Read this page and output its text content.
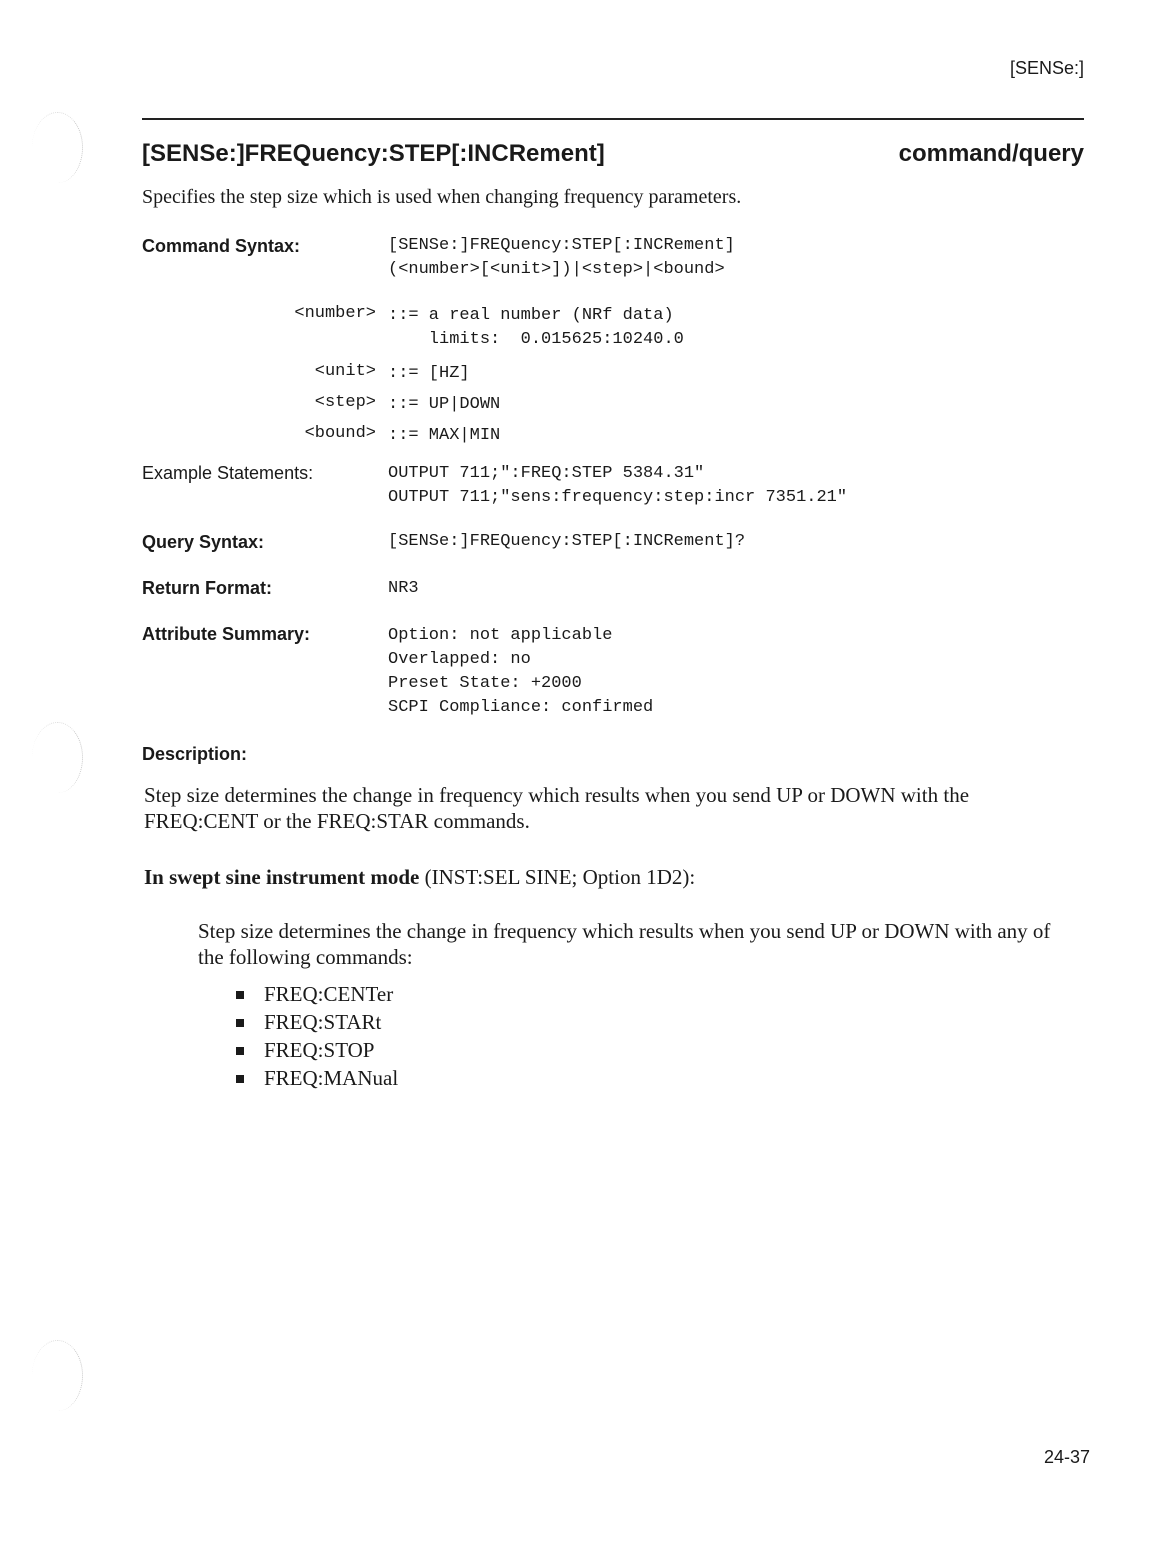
[SENSe:]
[SENSe:]FREQuency:STEP[:INCRement]	command/query
Specifies the step size which is used when changing frequency parameters.
Command Syntax:	[SENSe:]FREQuency:STEP[:INCRement]
(<number>[<unit>])|<step>|<bound>
<number> ::= a real number (NRf data)
limits:  0.015625:10240.0
<unit> ::= [HZ]
<step> ::= UP|DOWN
<bound> ::= MAX|MIN
Example Statements:	OUTPUT 711;":FREQ:STEP 5384.31"
OUTPUT 711;"sens:frequency:step:incr 7351.21"
Query Syntax:	[SENSe:]FREQuency:STEP[:INCRement]?
Return Format:	NR3
Attribute Summary:	Option: not applicable
Overlapped: no
Preset State: +2000
SCPI Compliance: confirmed
Description:
Step size determines the change in frequency which results when you send UP or DOWN with the FREQ:CENT or the FREQ:STAR commands.
In swept sine instrument mode (INST:SEL SINE; Option 1D2):
Step size determines the change in frequency which results when you send UP or DOWN with any of the following commands:
FREQ:CENTer
FREQ:STARt
FREQ:STOP
FREQ:MANual
24-37
